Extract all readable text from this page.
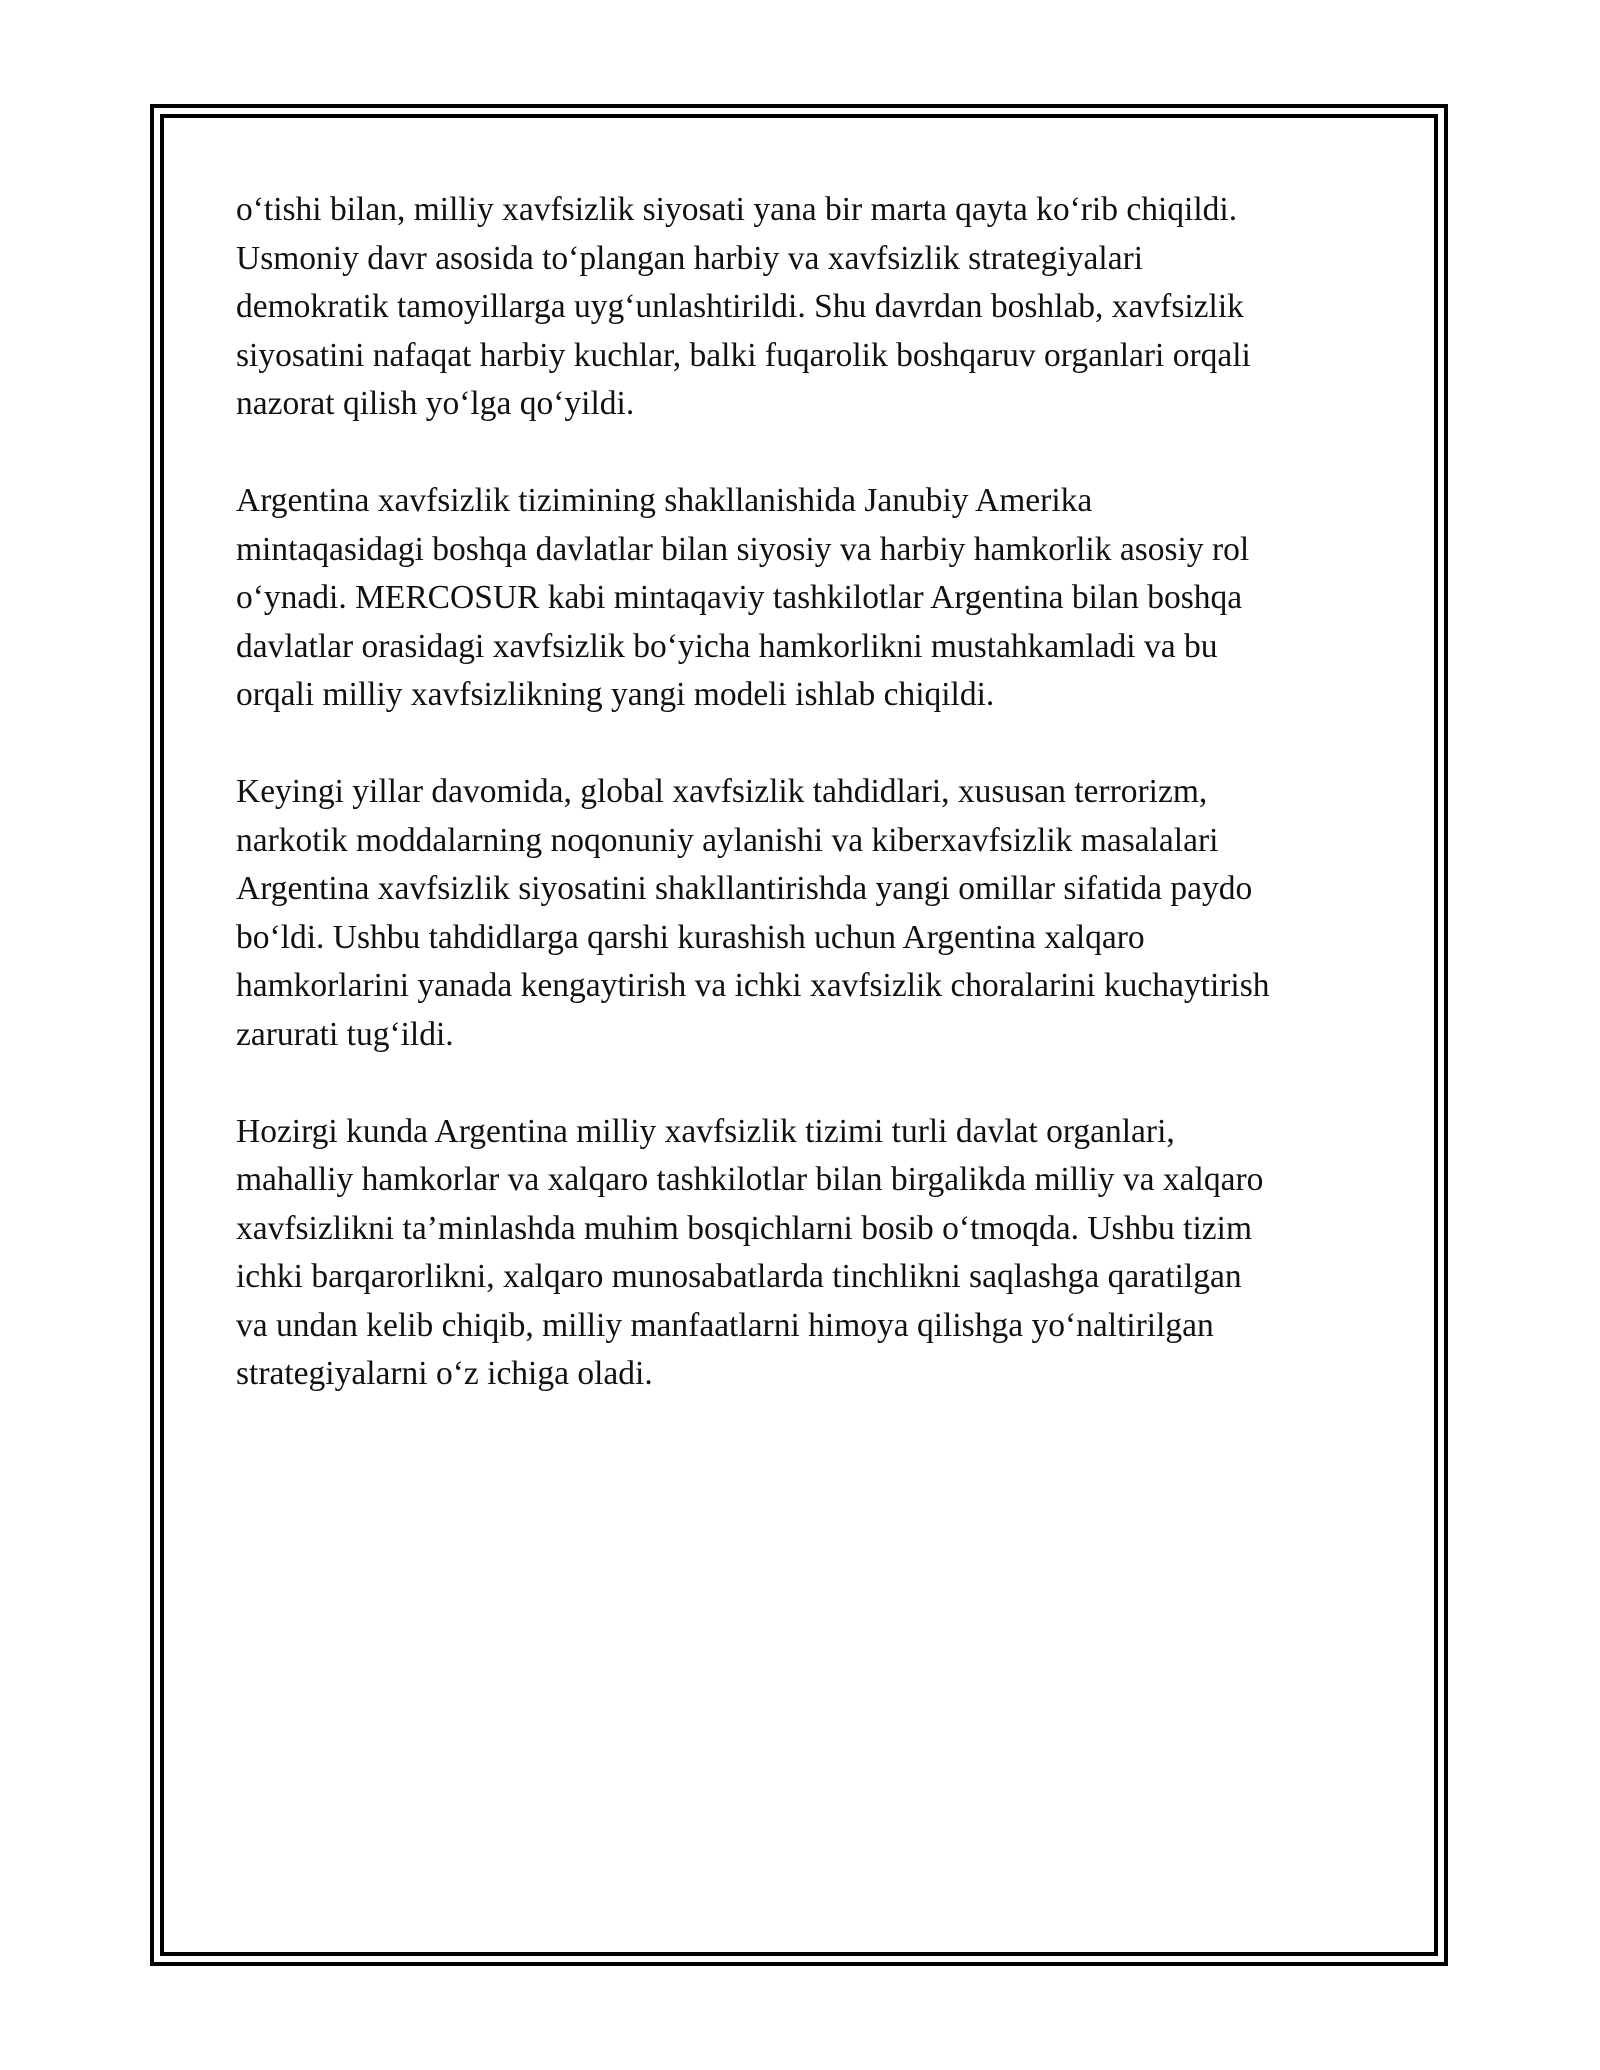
o‘tishi bilan, milliy xavfsizlik siyosati yana bir marta qayta ko‘rib chiqildi.
Usmoniy davr asosida to‘plangan harbiy va xavfsizlik strategiyalari
demokratik tamoyillarga uyg‘unlashtirildi. Shu davrdan boshlab, xavfsizlik
siyosatini nafaqat harbiy kuchlar, balki fuqarolik boshqaruv organlari orqali
nazorat qilish yo‘lga qo‘yildi.

Argentina xavfsizlik tizimining shakllanishida Janubiy Amerika
mintaqasidagi boshqa davlatlar bilan siyosiy va harbiy hamkorlik asosiy rol
o‘ynadi. MERCOSUR kabi mintaqaviy tashkilotlar Argentina bilan boshqa
davlatlar orasidagi xavfsizlik bo‘yicha hamkorlikni mustahkamladi va bu
orqali milliy xavfsizlikning yangi modeli ishlab chiqildi.

Keyingi yillar davomida, global xavfsizlik tahdidlari, xususan terrorizm,
narkotik moddalarning noqonuniy aylanishi va kiberxavfsizlik masalalari
Argentina xavfsizlik siyosatini shakllantirishda yangi omillar sifatida paydo
bo‘ldi. Ushbu tahdidlarga qarshi kurashish uchun Argentina xalqaro
hamkorlarini yanada kengaytirish va ichki xavfsizlik choralarini kuchaytirish
zarurati tug‘ildi.

Hozirgi kunda Argentina milliy xavfsizlik tizimi turli davlat organlari,
mahalliy hamkorlar va xalqaro tashkilotlar bilan birgalikda milliy va xalqaro
xavfsizlikni ta’minlashda muhim bosqichlarni bosib o‘tmoqda. Ushbu tizim
ichki barqarorlikni, xalqaro munosabatlarda tinchlikni saqlashga qaratilgan
va undan kelib chiqib, milliy manfaatlarni himoya qilishga yo‘naltirilgan
strategiyalarni o‘z ichiga oladi.
